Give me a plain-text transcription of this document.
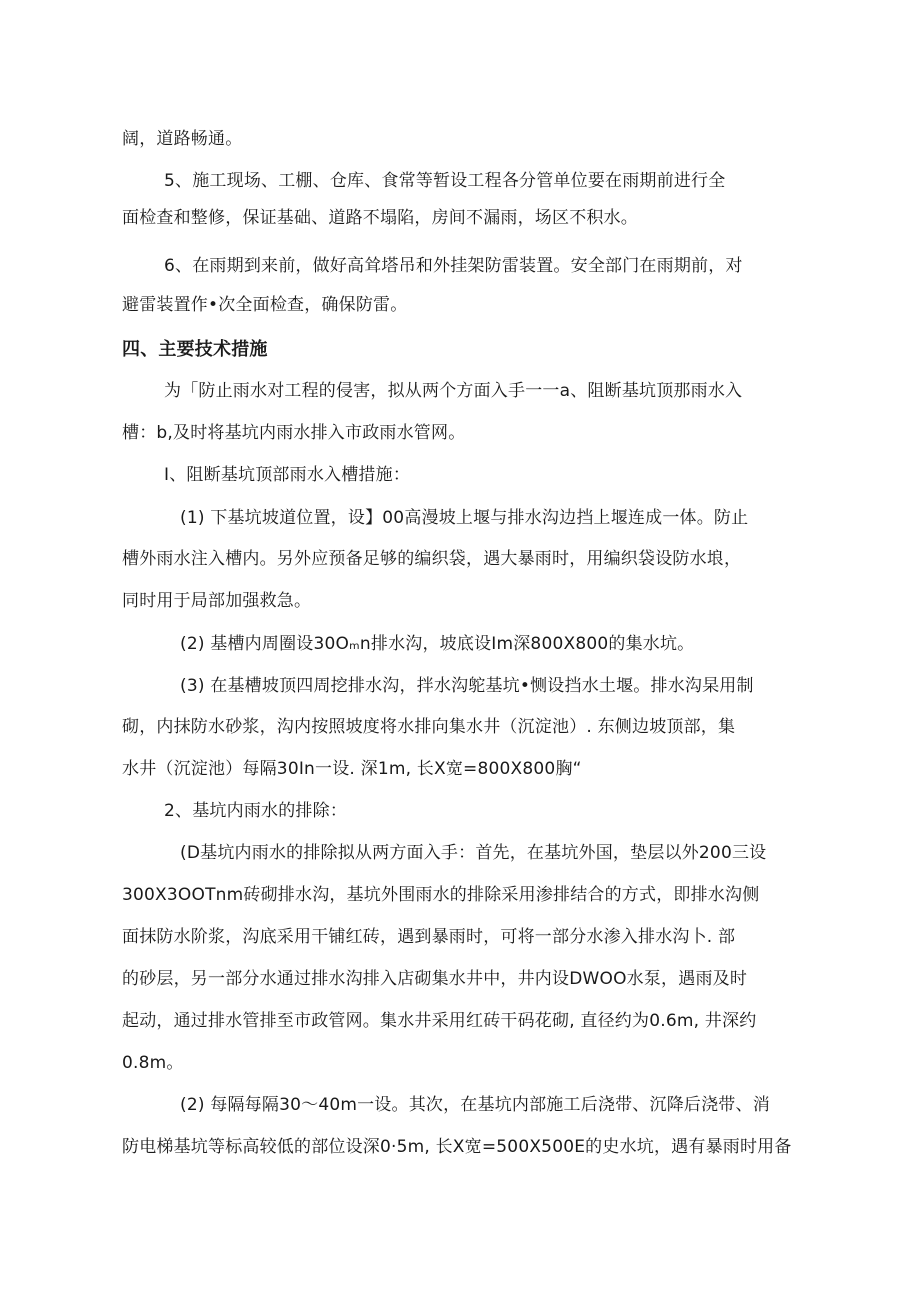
阔，道路畅通。
5、施工现场、工棚、仓库、食常等暂设工程各分管单位要在雨期前进行全
面检查和整修，保证基础、道路不塌陷，房间不漏雨，场区不积水。
6、在雨期到来前，做好高耸塔吊和外挂架防雷装置。安全部门在雨期前，对
避雷装置作•次全面检查，确保防雷。
四、主要技术措施
为「防止雨水对工程的侵害，拟从两个方面入手一一a、阻断基坑顶那雨水入
槽：b,及时将基坑内雨水排入市政雨水管网。
I、阻断基坑顶部雨水入槽措施：
(1) 下基坑坡道位置，设】00高漫坡上堰与排水沟边挡上堰连成一体。防止
槽外雨水注入槽内。另外应预备足够的编织袋，遇大暴雨时，用编织袋设防水埌，
同时用于局部加强救急。
(2) 基槽内周圈设30Oₘn排水沟，坡底设Im深800X800的集水坑。
(3) 在基槽坡顶四周挖排水沟，拌水沟鸵基坑•恻设挡水土堰。排水沟杲用制
砌，内抹防水砂浆，沟内按照坡度将水排向集水井（沉淀池）. 东侧边坡顶部，集
水井（沉淀池）每隔30In一设. 深1m, 长X宽=800X800胸“
2、基坑内雨水的排除：
(D基坑内雨水的排除拟从两方面入手：首先，在基坑外国，垫层以外200三设
300X3OOTnm砖砌排水沟，基坑外围雨水的排除采用渗排结合的方式，即排水沟侧
面抹防水阶浆，沟底采用干铺红砖，遇到暴雨时，可将一部分水渗入排水沟卜. 部
的砂层，另一部分水通过排水沟排入店砌集水井中，井内设DWOO水泵，遇雨及时
起动，通过排水管排至市政管网。集水井采用红砖干码花砌, 直径约为0.6m, 井深约
0.8m。
(2) 每隔每隔30〜40m一设。其次，在基坑内部施工后浇带、沉降后浇带、消
防电梯基坑等标高较低的部位设深0·5m, 长X宽=500X500E的史水坑，遇有暴雨时用备
